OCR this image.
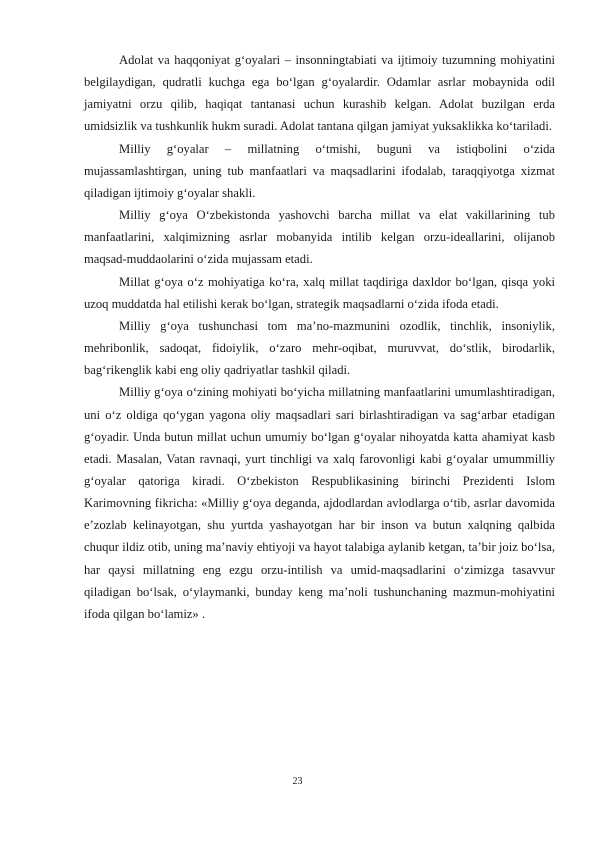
Adolat va haqqoniyat g‘oyalari – insonningtabiati va ijtimoiy tuzumning mohiyatini belgilaydigan, qudratli kuchga ega bo‘lgan g‘oyalardir. Odamlar asrlar mobaynida odil jamiyatni orzu qilib, haqiqat tantanasi uchun kurashib kelgan. Adolat buzilgan erda umidsizlik va tushkunlik hukm suradi. Adolat tantana qilgan jamiyat yuksaklikka ko‘tariladi.

Milliy g‘oyalar – millatning o‘tmishi, buguni va istiqbolini o‘zida mujassamlashtirgan, uning tub manfaatlari va maqsadlarini ifodalab, taraqqiyotga xizmat qiladigan ijtimoiy g‘oyalar shakli.

Milliy g‘oya O‘zbekistonda yashovchi barcha millat va elat vakillarining tub manfaatlarini, xalqimizning asrlar mobanyida intilib kelgan orzu-ideallarini, olijanob maqsad-muddaolarini o‘zida mujassam etadi.

Millat g‘oya o‘z mohiyatiga ko‘ra, xalq millat taqdiriga daxldor bo‘lgan, qisqa yoki uzoq muddatda hal etilishi kerak bo‘lgan, strategik maqsadlarni o‘zida ifoda etadi.

Milliy g‘oya tushunchasi tom ma’no-mazmunini ozodlik, tinchlik, insoniylik, mehribonlik, sadoqat, fidoiylik, o‘zaro mehr-oqibat, muruvvat, do‘stlik, birodarlik, bag‘rikenglik kabi eng oliy qadriyatlar tashkil qiladi.

Milliy g‘oya o‘zining mohiyati bo‘yicha millatning manfaatlarini umumlashtiradigan, uni o‘z oldiga qo‘ygan yagona oliy maqsadlari sari birlashtiradigan va sag‘arbar etadigan g‘oyadir. Unda butun millat uchun umumiy bo‘lgan g‘oyalar nihoyatda katta ahamiyat kasb etadi. Masalan, Vatan ravnaqi, yurt tinchligi va xalq farovonligi kabi g‘oyalar umummilliy g‘oyalar qatoriga kiradi. O‘zbekiston Respublikasining birinchi Prezidenti Islom Karimovning fikricha: «Milliy g‘oya deganda, ajdodlardan avlodlarga o‘tib, asrlar davomida e’zozlab kelinayotgan, shu yurtda yashayotgan har bir inson va butun xalqning qalbida chuqur ildiz otib, uning ma’naviy ehtiyoji va hayot talabiga aylanib ketgan, ta’bir joiz bo‘lsa, har qaysi millatning eng ezgu orzu-intilish va umid-maqsadlarini o‘zimizga tasavvur qiladigan bo‘lsak, o‘ylaymanki, bunday keng ma’noli tushunchaning mazmun-mohiyatini ifoda qilgan bo‘lamiz» .

23
